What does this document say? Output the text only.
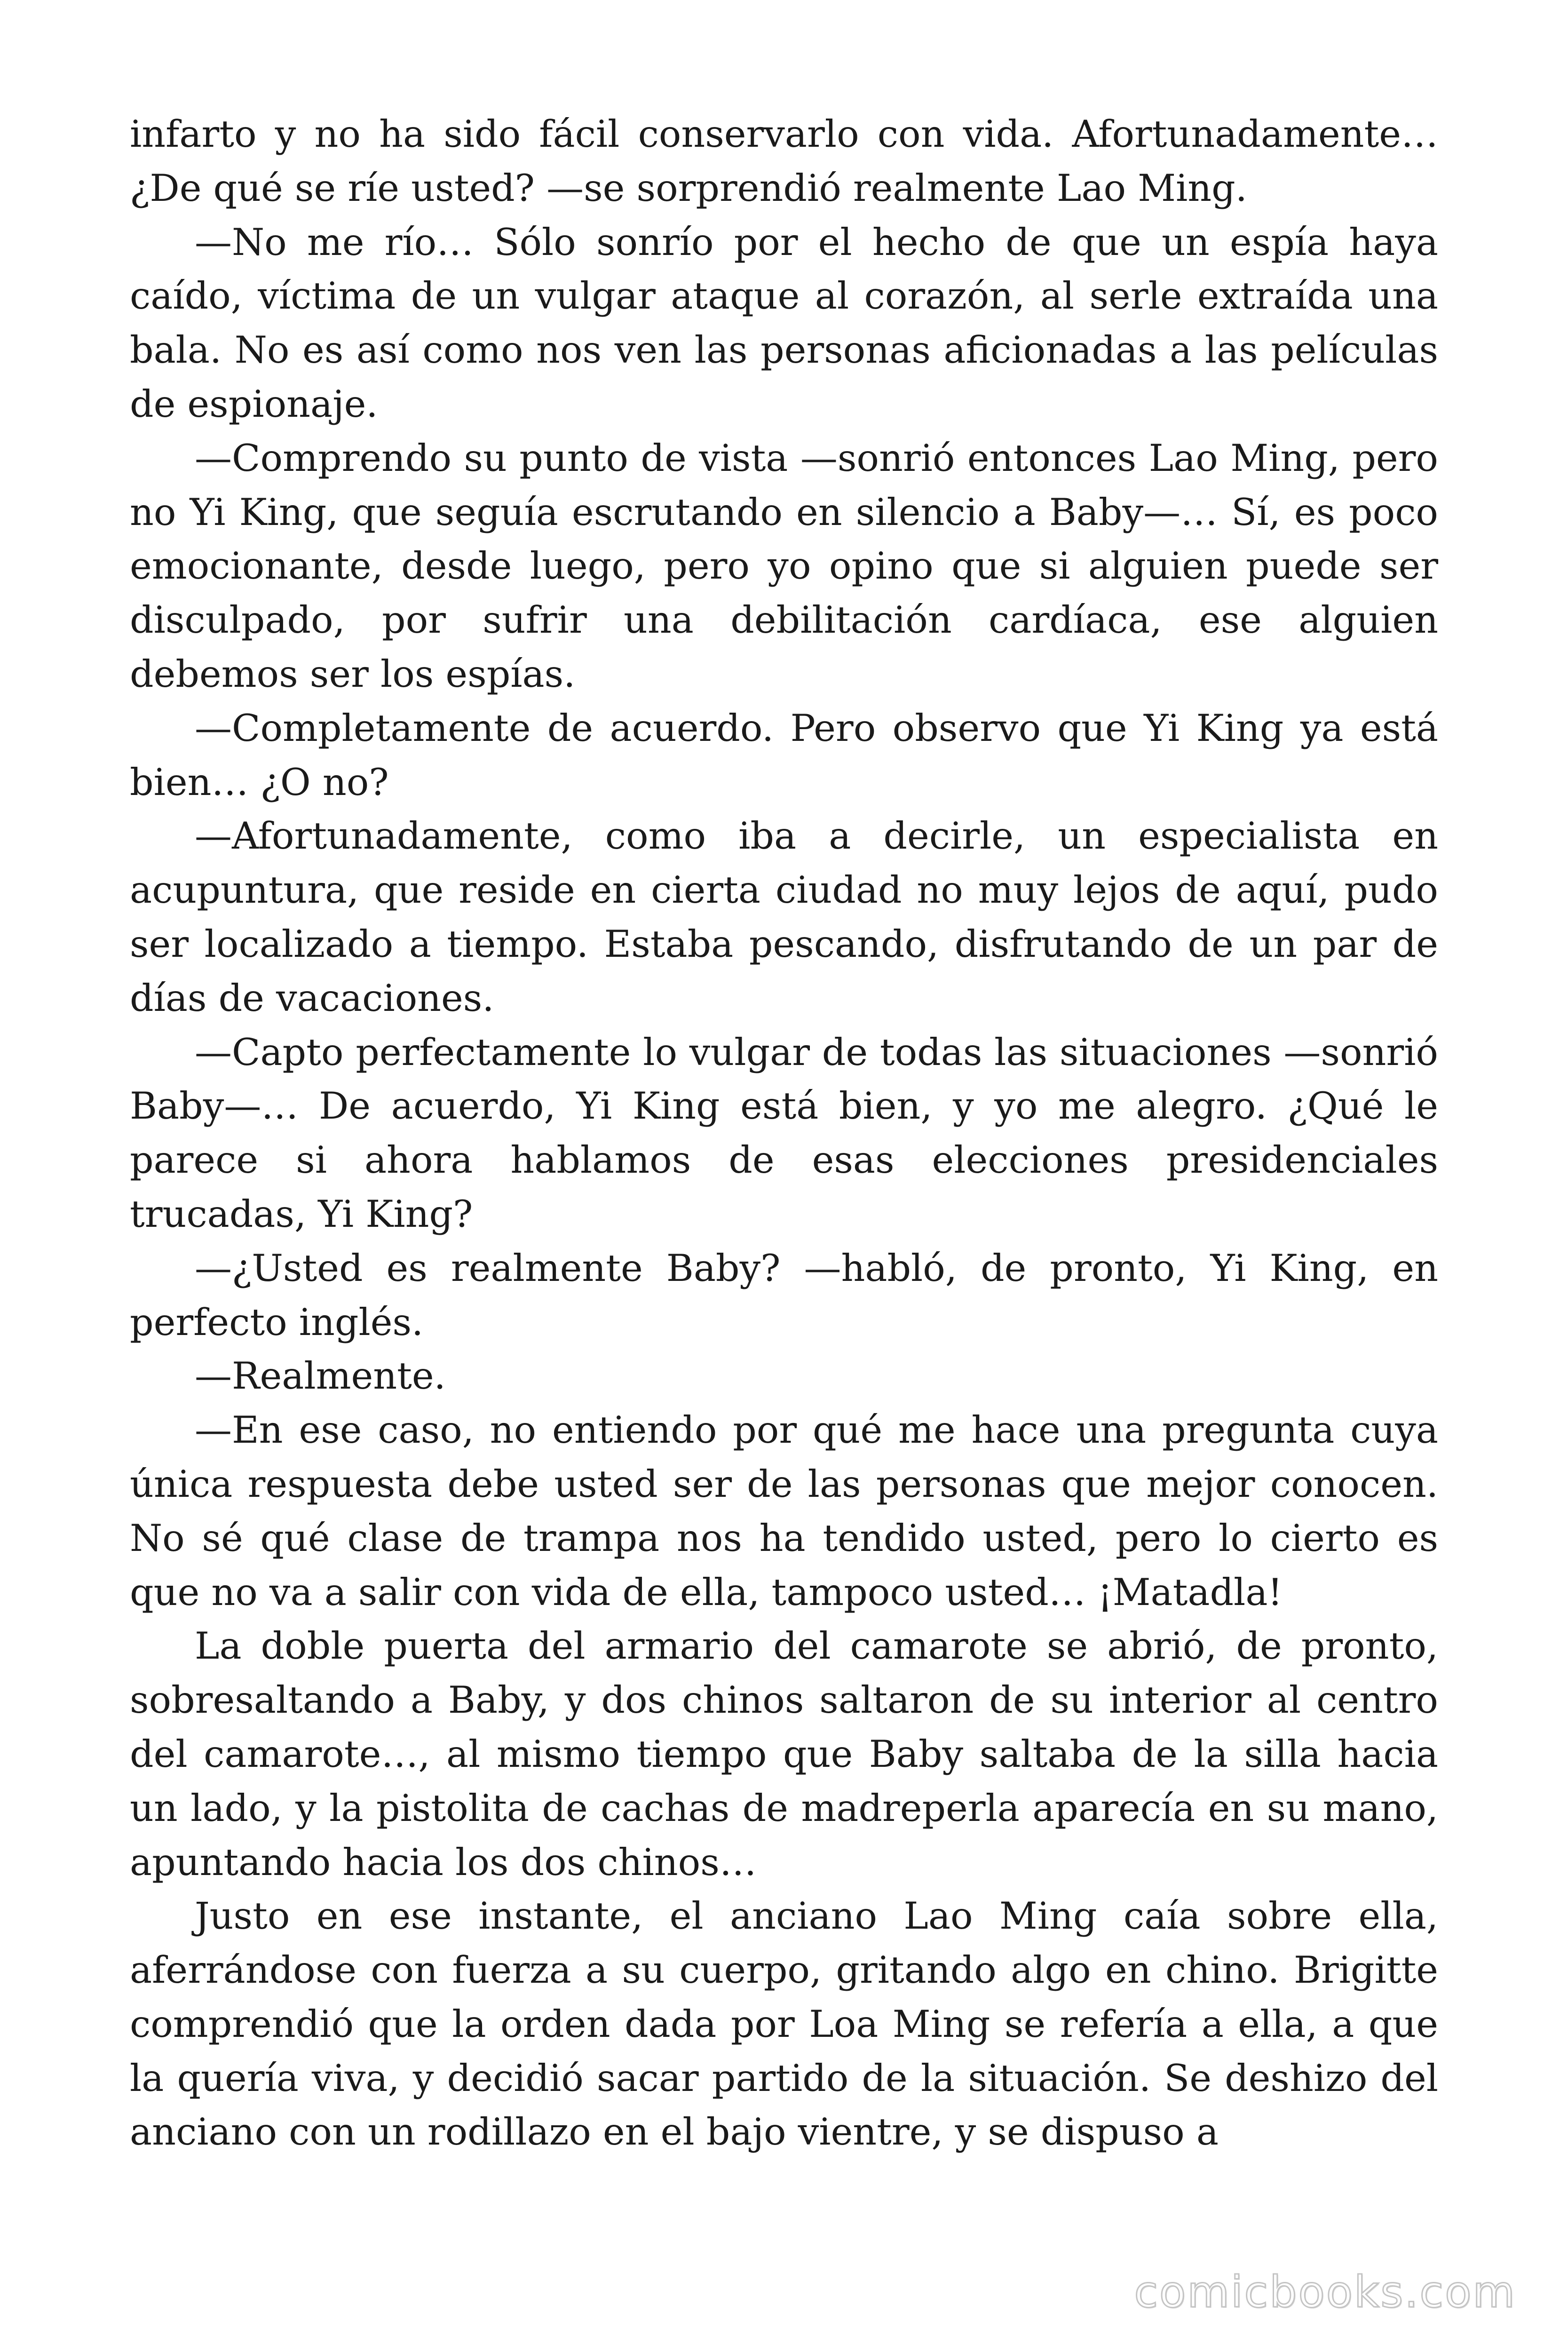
infarto y no ha sido fácil conservarlo con vida. Afortunadamente… ¿De qué se ríe usted? —se sorprendió realmente Lao Ming.

—No me río… Sólo sonrío por el hecho de que un espía haya caído, víctima de un vulgar ataque al corazón, al serle extraída una bala. No es así como nos ven las personas aficionadas a las películas de espionaje.

—Comprendo su punto de vista —sonrió entonces Lao Ming, pero no Yi King, que seguía escrutando en silencio a Baby—… Sí, es poco emocionante, desde luego, pero yo opino que si alguien puede ser disculpado, por sufrir una debilitación cardíaca, ese alguien debemos ser los espías.

—Completamente de acuerdo. Pero observo que Yi King ya está bien… ¿O no?

—Afortunadamente, como iba a decirle, un especialista en acupuntura, que reside en cierta ciudad no muy lejos de aquí, pudo ser localizado a tiempo. Estaba pescando, disfrutando de un par de días de vacaciones.

—Capto perfectamente lo vulgar de todas las situaciones —sonrió Baby—… De acuerdo, Yi King está bien, y yo me alegro. ¿Qué le parece si ahora hablamos de esas elecciones presidenciales trucadas, Yi King?

—¿Usted es realmente Baby? —habló, de pronto, Yi King, en perfecto inglés.

—Realmente.

—En ese caso, no entiendo por qué me hace una pregunta cuya única respuesta debe usted ser de las personas que mejor conocen. No sé qué clase de trampa nos ha tendido usted, pero lo cierto es que no va a salir con vida de ella, tampoco usted… ¡Matadla!

La doble puerta del armario del camarote se abrió, de pronto, sobresaltando a Baby, y dos chinos saltaron de su interior al centro del camarote…, al mismo tiempo que Baby saltaba de la silla hacia un lado, y la pistolita de cachas de madreperla aparecía en su mano, apuntando hacia los dos chinos…

Justo en ese instante, el anciano Lao Ming caía sobre ella, aferrándose con fuerza a su cuerpo, gritando algo en chino. Brigitte comprendió que la orden dada por Loa Ming se refería a ella, a que la quería viva, y decidió sacar partido de la situación. Se deshizo del anciano con un rodillazo en el bajo vientre, y se dispuso a

comicbooks.com
